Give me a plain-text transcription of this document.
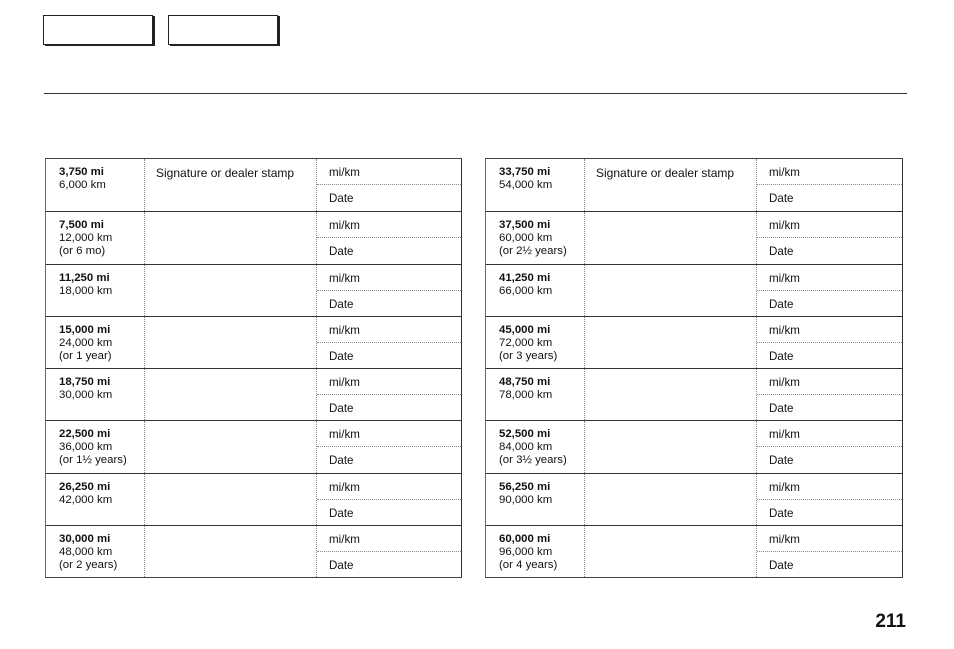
3,750 mi
6,000 km
Signature or dealer stamp	mi/km
Date
7,500 mi
12,000 km
(or 6 mo)
mi/km
Date
11,250 mi
18,000 km
mi/km
Date
15,000 mi
24,000 km
(or 1 year)
mi/km
Date
18,750 mi
30,000 km
mi/km
Date
22,500 mi
36,000 km
(or 1½ years)
mi/km
Date
26,250 mi
42,000 km
mi/km
Date
30,000 mi
48,000 km
(or 2 years)
mi/km
Date
33,750 mi
54,000 km
Signature or dealer stamp	mi/km
Date
37,500 mi
60,000 km
(or 2½ years)
mi/km
Date
41,250 mi
66,000 km
mi/km
Date
45,000 mi
72,000 km
(or 3 years)
mi/km
Date
48,750 mi
78,000 km
mi/km
Date
52,500 mi
84,000 km
(or 3½ years)
mi/km
Date
56,250 mi
90,000 km
mi/km
Date
60,000 mi
96,000 km
(or 4 years)
mi/km
Date
211
